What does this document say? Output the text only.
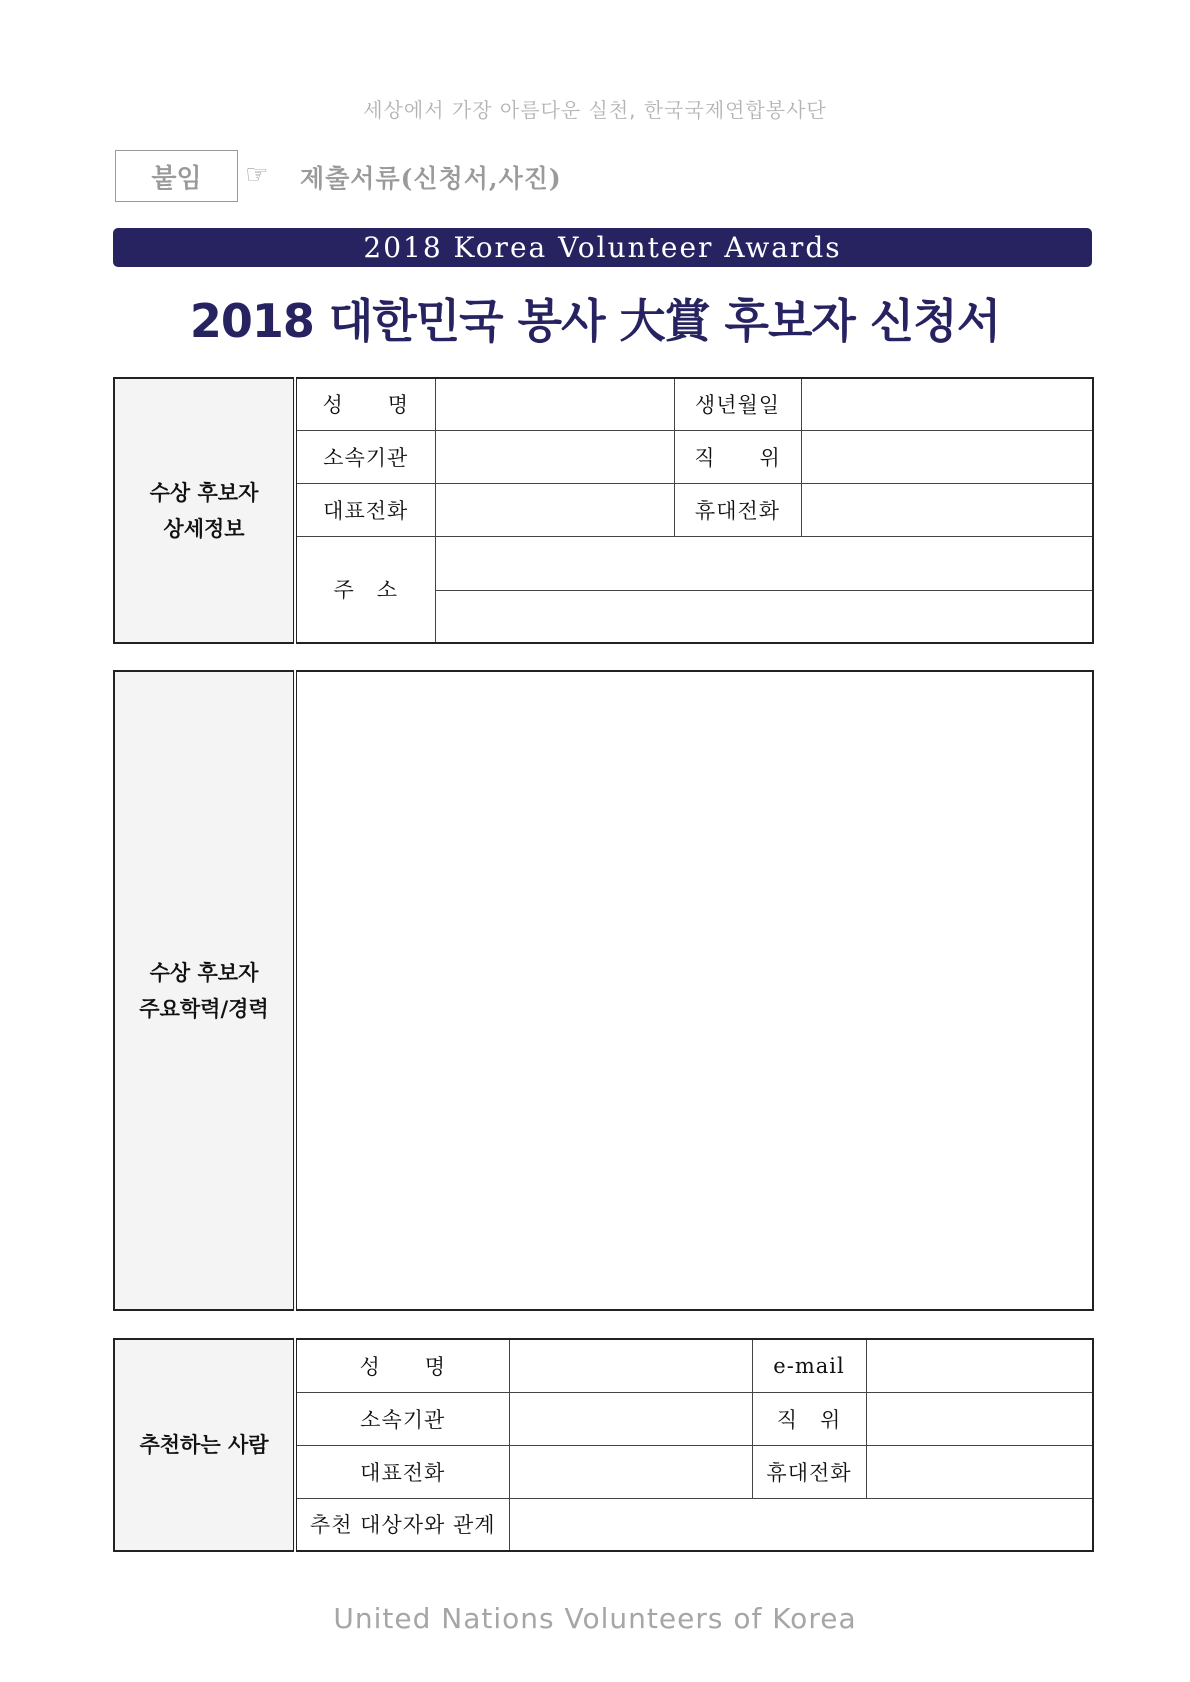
세상에서 가장 아름다운 실천, 한국국제연합봉사단
붙임	☞ 제출서류(신청서,사진)
2018 Korea Volunteer Awards
2018 대한민국 봉사 大賞 후보자 신청서
수상 후보자
상세정보	성　　명		생년월일	
	소속기관		직　　위	
	대표전화		휴대전화	
	주　소			

수상 후보자
주요학력/경력	
추천하는 사람	성　　명		e-mail	
	소속기관		직　위	
	대표전화		휴대전화	
	추천 대상자와 관계			
United Nations Volunteers of Korea
